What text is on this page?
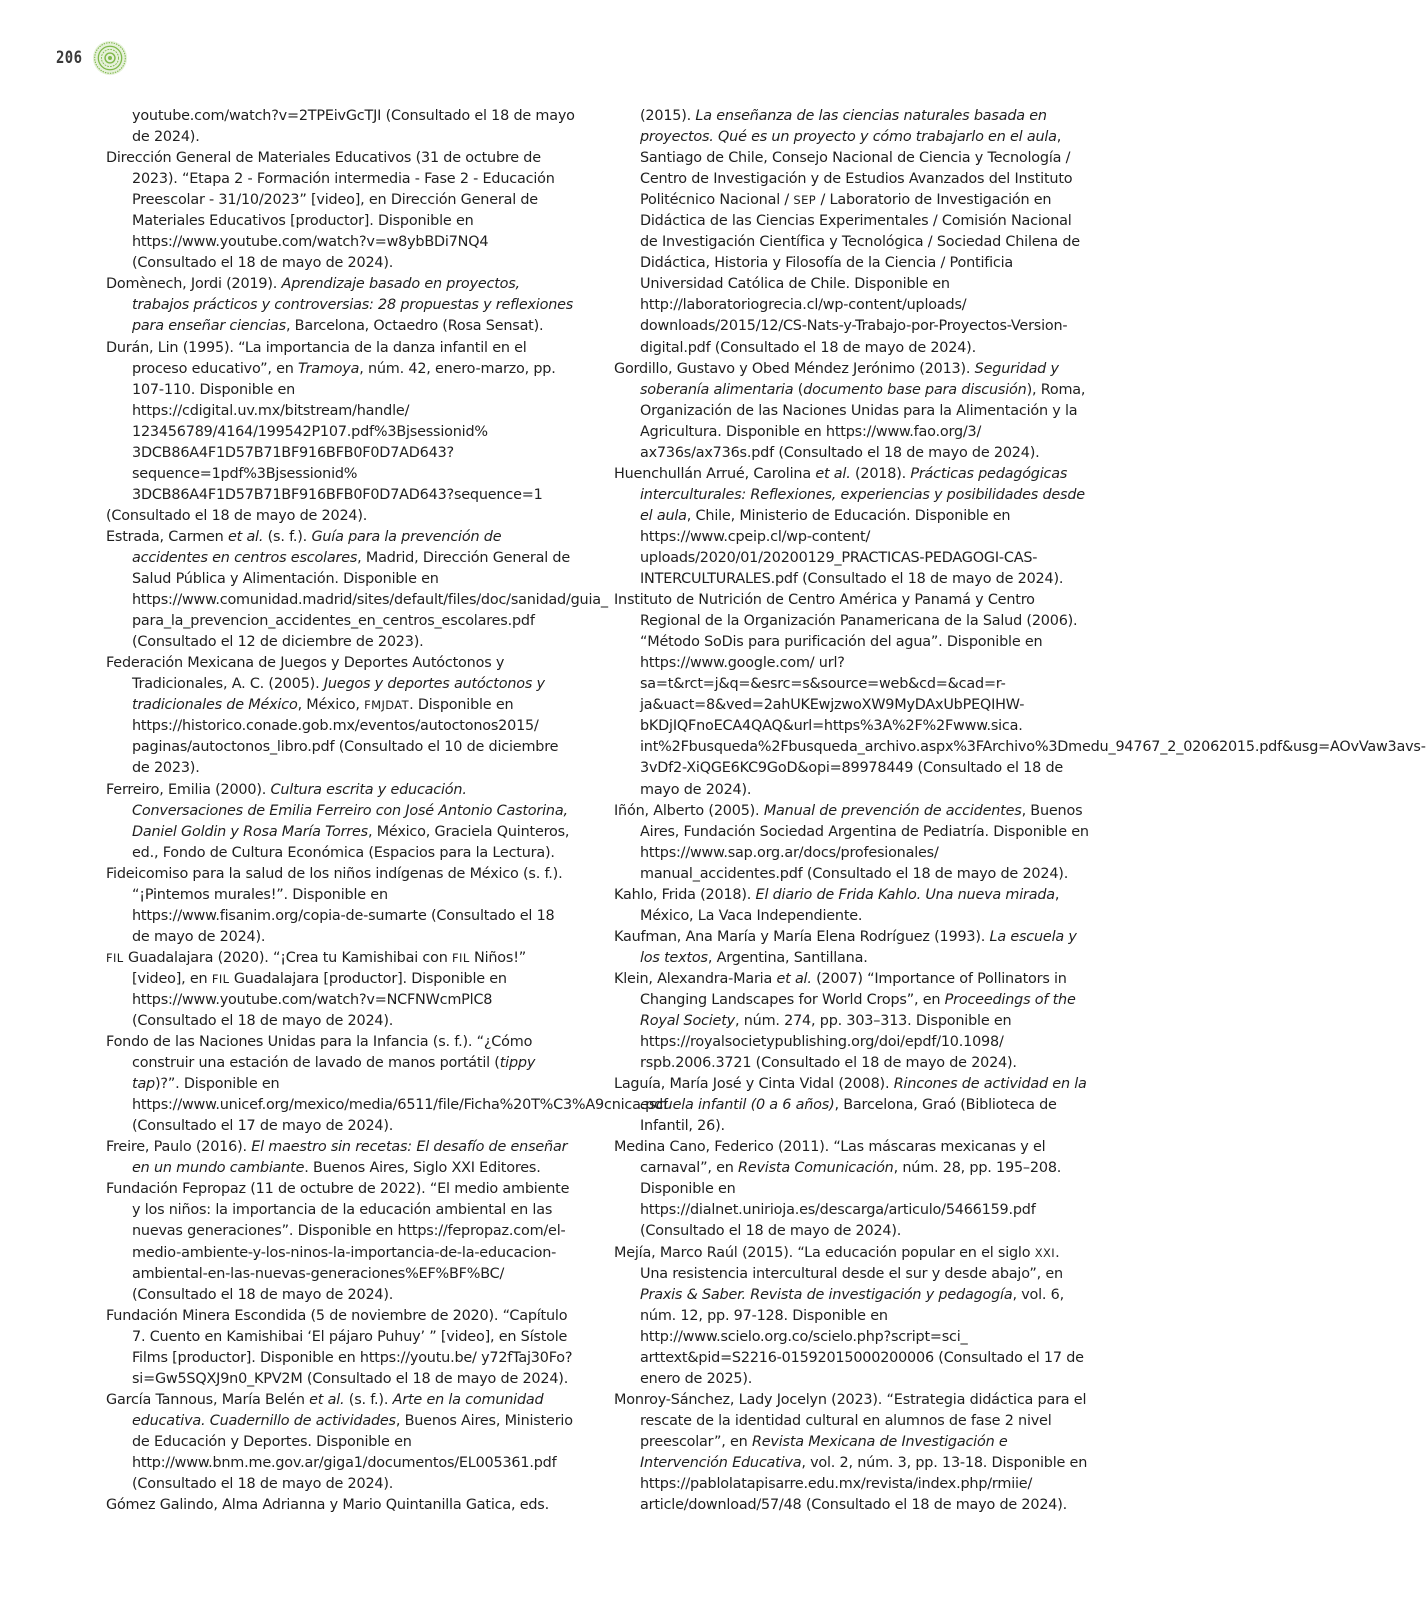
206
youtube.com/watch?v=2TPEivGcTJI (Consultado el 18 de mayo de 2024).
Dirección General de Materiales Educativos (31 de octubre de 2023). “Etapa 2 - Formación intermedia - Fase 2 - Educación Preescolar - 31/10/2023” [video], en Dirección General de Materiales Educativos [productor]. Disponible en https://www.youtube.com/watch?v=w8ybBDi7NQ4 (Consultado el 18 de mayo de 2024).
Domènech, Jordi (2019). Aprendizaje basado en proyectos, trabajos prácticos y controversias: 28 propuestas y reflexiones para enseñar ciencias, Barcelona, Octaedro (Rosa Sensat).
Durán, Lin (1995). “La importancia de la danza infantil en el proceso educativo”, en Tramoya, núm. 42, enero-marzo, pp. 107-110. Disponible en https://cdigital.uv.mx/bitstream/handle/ 123456789/4164/199542P107.pdf%3Bjsessionid% 3DCB86A4F1D57B71BF916BFB0F0D7AD643? sequence=1pdf%3Bjsessionid% 3DCB86A4F1D57B71BF916BFB0F0D7AD643?sequence=1
(Consultado el 18 de mayo de 2024).
Estrada, Carmen et al. (s. f.). Guía para la prevención de accidentes en centros escolares, Madrid, Dirección General de Salud Pública y Alimentación. Disponible en https://www.comunidad.madrid/sites/default/files/doc/sanidad/guia_ para_la_prevencion_accidentes_en_centros_escolares.pdf (Consultado el 12 de diciembre de 2023).
Federación Mexicana de Juegos y Deportes Autóctonos y Tradicionales, A. C. (2005). Juegos y deportes autóctonos y tradicionales de México, México, FMJDAT. Disponible en https://historico.conade.gob.mx/eventos/autoctonos2015/ paginas/autoctonos_libro.pdf (Consultado el 10 de diciembre de 2023).
Ferreiro, Emilia (2000). Cultura escrita y educación. Conversaciones de Emilia Ferreiro con José Antonio Castorina, Daniel Goldin y Rosa María Torres, México, Graciela Quinteros, ed., Fondo de Cultura Económica (Espacios para la Lectura).
Fideicomiso para la salud de los niños indígenas de México (s. f.). “¡Pintemos murales!”. Disponible en https://www.fisanim.org/copia-de-sumarte (Consultado el 18 de mayo de 2024).
FIL Guadalajara (2020). “¡Crea tu Kamishibai con FIL Niños!” [video], en FIL Guadalajara [productor]. Disponible en https://www.youtube.com/watch?v=NCFNWcmPlC8 (Consultado el 18 de mayo de 2024).
Fondo de las Naciones Unidas para la Infancia (s. f.). “¿Cómo construir una estación de lavado de manos portátil (tippy tap)?”. Disponible en https://www.unicef.org/mexico/media/6511/file/Ficha%20T%C3%A9cnica.pdf (Consultado el 17 de mayo de 2024).
Freire, Paulo (2016). El maestro sin recetas: El desafío de enseñar en un mundo cambiante. Buenos Aires, Siglo XXI Editores.
Fundación Fepropaz (11 de octubre de 2022). “El medio ambiente y los niños: la importancia de la educación ambiental en las nuevas generaciones”. Disponible en https://fepropaz.com/el-medio-ambiente-y-los-ninos-la-importancia-de-la-educacion-ambiental-en-las-nuevas-generaciones%EF%BF%BC/ (Consultado el 18 de mayo de 2024).
Fundación Minera Escondida (5 de noviembre de 2020). “Capítulo 7. Cuento en Kamishibai ‘El pájaro Puhuy’ ” [video], en Sístole Films [productor]. Disponible en https://youtu.be/ y72fTaj30Fo?si=Gw5SQXJ9n0_KPV2M (Consultado el 18 de mayo de 2024).
García Tannous, María Belén et al. (s. f.). Arte en la comunidad educativa. Cuadernillo de actividades, Buenos Aires, Ministerio de Educación y Deportes. Disponible en http://www.bnm.me.gov.ar/giga1/documentos/EL005361.pdf (Consultado el 18 de mayo de 2024).
Gómez Galindo, Alma Adrianna y Mario Quintanilla Gatica, eds.
(2015). La enseñanza de las ciencias naturales basada en proyectos. Qué es un proyecto y cómo trabajarlo en el aula, Santiago de Chile, Consejo Nacional de Ciencia y Tecnología / Centro de Investigación y de Estudios Avanzados del Instituto Politécnico Nacional / SEP / Laboratorio de Investigación en Didáctica de las Ciencias Experimentales / Comisión Nacional de Investigación Científica y Tecnológica / Sociedad Chilena de Didáctica, Historia y Filosofía de la Ciencia / Pontificia Universidad Católica de Chile. Disponible en http://laboratoriogrecia.cl/wp-content/uploads/ downloads/2015/12/CS-Nats-y-Trabajo-por-Proyectos-Version-digital.pdf (Consultado el 18 de mayo de 2024).
Gordillo, Gustavo y Obed Méndez Jerónimo (2013). Seguridad y soberanía alimentaria (documento base para discusión), Roma, Organización de las Naciones Unidas para la Alimentación y la Agricultura. Disponible en https://www.fao.org/3/ ax736s/ax736s.pdf (Consultado el 18 de mayo de 2024).
Huenchullán Arrué, Carolina et al. (2018). Prácticas pedagógicas interculturales: Reflexiones, experiencias y posibilidades desde el aula, Chile, Ministerio de Educación. Disponible en https://www.cpeip.cl/wp-content/ uploads/2020/01/20200129_PRACTICAS-PEDAGOGI-CAS-INTERCULTURALES.pdf (Consultado el 18 de mayo de 2024).
Instituto de Nutrición de Centro América y Panamá y Centro Regional de la Organización Panamericana de la Salud (2006). “Método SoDis para purificación del agua”. Disponible en https://www.google.com/ url?sa=t&rct=j&q=&esrc=s&source=web&cd=&cad=r-ja&uact=8&ved=2ahUKEwjzwoXW9MyDAxUbPEQIHW-bKDjIQFnoECA4QAQ&url=https%3A%2F%2Fwww.sica. int%2Fbusqueda%2Fbusqueda_archivo.aspx%3FArchivo%3Dmedu_94767_2_02062015.pdf&usg=AOvVaw3avs-3vDf2-XiQGE6KC9GoD&opi=89978449 (Consultado el 18 de mayo de 2024).
Iñón, Alberto (2005). Manual de prevención de accidentes, Buenos Aires, Fundación Sociedad Argentina de Pediatría. Disponible en https://www.sap.org.ar/docs/profesionales/ manual_accidentes.pdf (Consultado el 18 de mayo de 2024).
Kahlo, Frida (2018). El diario de Frida Kahlo. Una nueva mirada, México, La Vaca Independiente.
Kaufman, Ana María y María Elena Rodríguez (1993). La escuela y los textos, Argentina, Santillana.
Klein, Alexandra-Maria et al. (2007) “Importance of Pollinators in Changing Landscapes for World Crops”, en Proceedings of the Royal Society, núm. 274, pp. 303–313. Disponible en https://royalsocietypublishing.org/doi/epdf/10.1098/ rspb.2006.3721 (Consultado el 18 de mayo de 2024).
Laguía, María José y Cinta Vidal (2008). Rincones de actividad en la escuela infantil (0 a 6 años), Barcelona, Graó (Biblioteca de Infantil, 26).
Medina Cano, Federico (2011). “Las máscaras mexicanas y el carnaval”, en Revista Comunicación, núm. 28, pp. 195–208. Disponible en https://dialnet.unirioja.es/descarga/articulo/5466159.pdf (Consultado el 18 de mayo de 2024).
Mejía, Marco Raúl (2015). “La educación popular en el siglo XXI. Una resistencia intercultural desde el sur y desde abajo”, en Praxis & Saber. Revista de investigación y pedagogía, vol. 6, núm. 12, pp. 97-128. Disponible en http://www.scielo.org.co/scielo.php?script=sci_ arttext&pid=S2216-01592015000200006 (Consultado el 17 de enero de 2025).
Monroy-Sánchez, Lady Jocelyn (2023). “Estrategia didáctica para el rescate de la identidad cultural en alumnos de fase 2 nivel preescolar”, en Revista Mexicana de Investigación e Intervención Educativa, vol. 2, núm. 3, pp. 13-18. Disponible en https://pablolatapisarre.edu.mx/revista/index.php/rmiie/ article/download/57/48 (Consultado el 18 de mayo de 2024).
